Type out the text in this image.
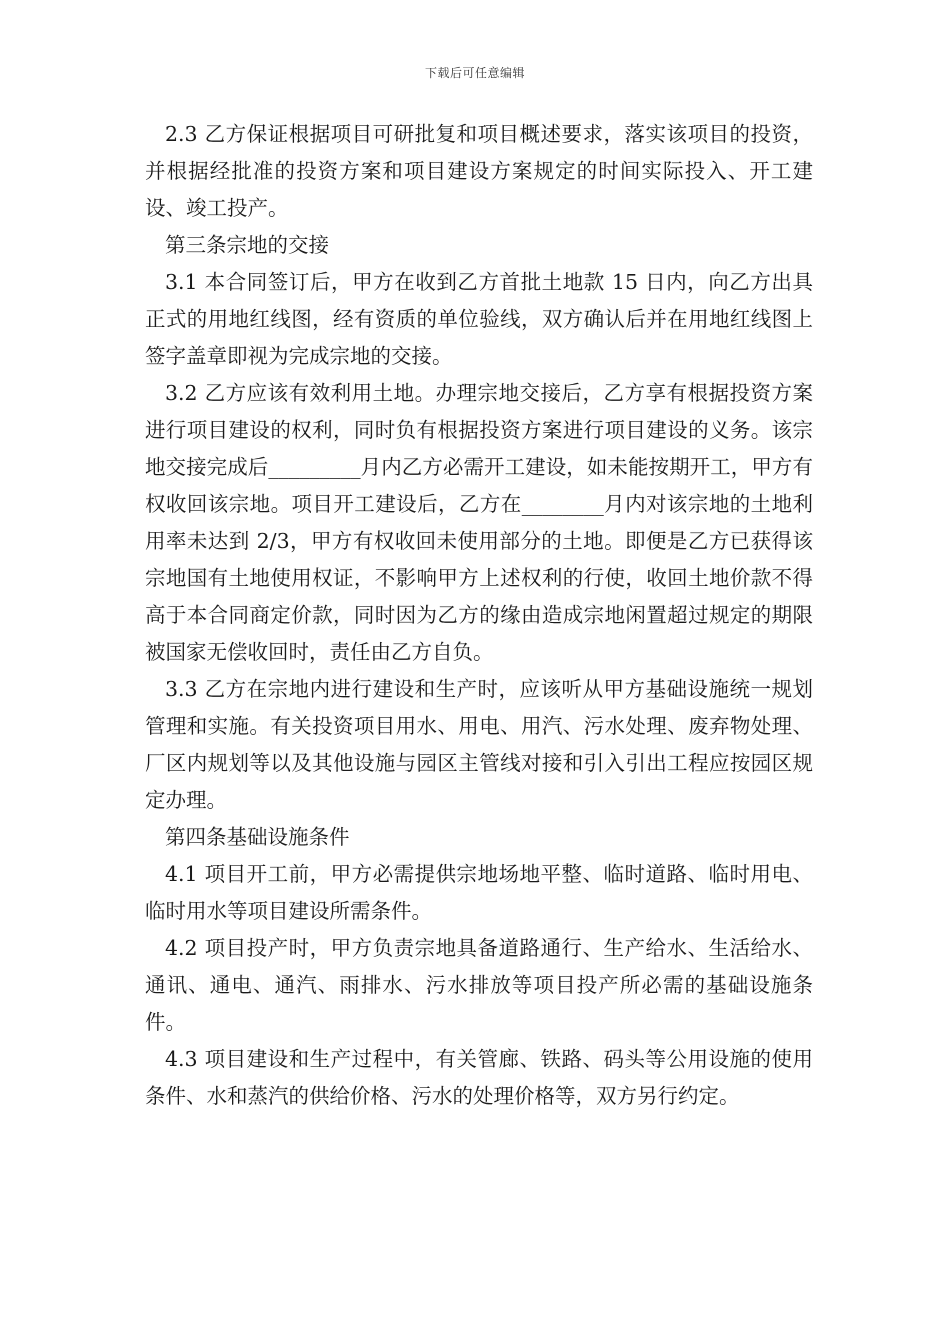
下载后可任意编辑

2.3 乙方保证根据项目可研批复和项目概述要求，落实该项目的投资，并根据经批准的投资方案和项目建设方案规定的时间实际投入、开工建设、竣工投产。

第三条宗地的交接

3.1 本合同签订后，甲方在收到乙方首批土地款 15 日内，向乙方出具正式的用地红线图，经有资质的单位验线，双方确认后并在用地红线图上签字盖章即视为完成宗地的交接。

3.2 乙方应该有效利用土地。办理宗地交接后，乙方享有根据投资方案进行项目建设的权利，同时负有根据投资方案进行项目建设的义务。该宗地交接完成后_________月内乙方必需开工建设，如未能按期开工，甲方有权收回该宗地。项目开工建设后，乙方在________月内对该宗地的土地利用率未达到 2/3，甲方有权收回未使用部分的土地。即便是乙方已获得该宗地国有土地使用权证，不影响甲方上述权利的行使，收回土地价款不得高于本合同商定价款，同时因为乙方的缘由造成宗地闲置超过规定的期限被国家无偿收回时，责任由乙方自负。

3.3 乙方在宗地内进行建设和生产时，应该听从甲方基础设施统一规划管理和实施。有关投资项目用水、用电、用汽、污水处理、废弃物处理、厂区内规划等以及其他设施与园区主管线对接和引入引出工程应按园区规定办理。

第四条基础设施条件

4.1 项目开工前，甲方必需提供宗地场地平整、临时道路、临时用电、临时用水等项目建设所需条件。

4.2 项目投产时，甲方负责宗地具备道路通行、生产给水、生活给水、通讯、通电、通汽、雨排水、污水排放等项目投产所必需的基础设施条件。

4.3 项目建设和生产过程中，有关管廊、铁路、码头等公用设施的使用条件、水和蒸汽的供给价格、污水的处理价格等，双方另行约定。
